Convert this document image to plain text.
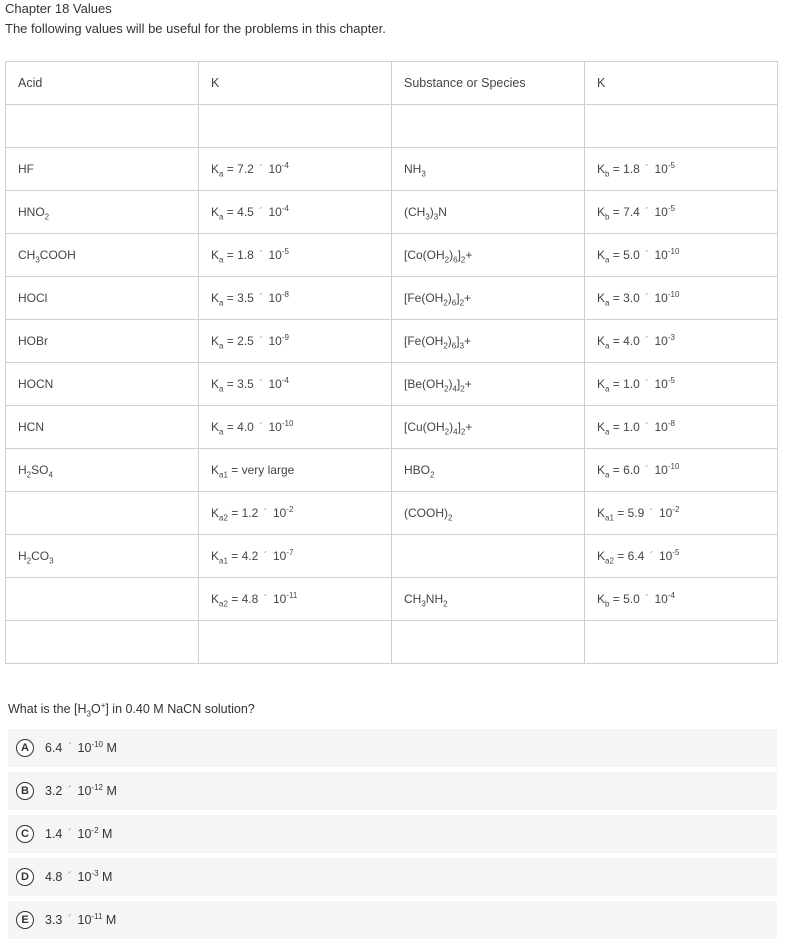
Chapter 18 Values
The following values will be useful for the problems in this chapter.
Acid	K	Substance or Species	K

HF	$K_a = 7.2$ ´ $10^{-4}$	$NH_3$	$K_b = 1.8$ ´ $10^{-5}$
$HNO_2$	$K_a = 4.5$ ´ $10^{-4}$	$(CH_3)_3N$	$K_b = 7.4$ ´ $10^{-5}$
$CH_3COOH$	$K_a = 1.8$ ´ $10^{-5}$	$[Co(OH_2)_6]_2+$	$K_a = 5.0$ ´ $10^{-10}$
HOCl	$K_a = 3.5$ ´ $10^{-8}$	$[Fe(OH_2)_6]_2+$	$K_a = 3.0$ ´ $10^{-10}$
HOBr	$K_a = 2.5$ ´ $10^{-9}$	$[Fe(OH_2)_6]_3+$	$K_a = 4.0$ ´ $10^{-3}$
HOCN	$K_a = 3.5$ ´ $10^{-4}$	$[Be(OH_2)_4]_2+$	$K_a = 1.0$ ´ $10^{-5}$
HCN	$K_a = 4.0$ ´ $10^{-10}$	$[Cu(OH_2)_4]_2+$	$K_a = 1.0$ ´ $10^{-8}$
$H_2SO_4$	$K_{a1}$ = very large	$HBO_2$	$K_a = 6.0$ ´ $10^{-10}$
	$K_{a2} = 1.2$ ´ $10^{-2}$	$(COOH)_2$	$K_{a1} = 5.9$ ´ $10^{-2}$
$H_2CO_3$	$K_{a1} = 4.2$ ´ $10^{-7}$		$K_{a2} = 6.4$ ´ $10^{-5}$
	$K_{a2} = 4.8$ ´ $10^{-11}$	$CH_3NH_2$	$K_b = 5.0$ ´ $10^{-4}$

What is the $[H_3O^+]$ in 0.40 M NaCN solution?
A	6.4 ´ $10^{-10}$ M
B	3.2 ´ $10^{-12}$ M
C	1.4 ´ $10^{-2}$ M
D	4.8 ´ $10^{-3}$ M
E	3.3 ´ $10^{-11}$ M
